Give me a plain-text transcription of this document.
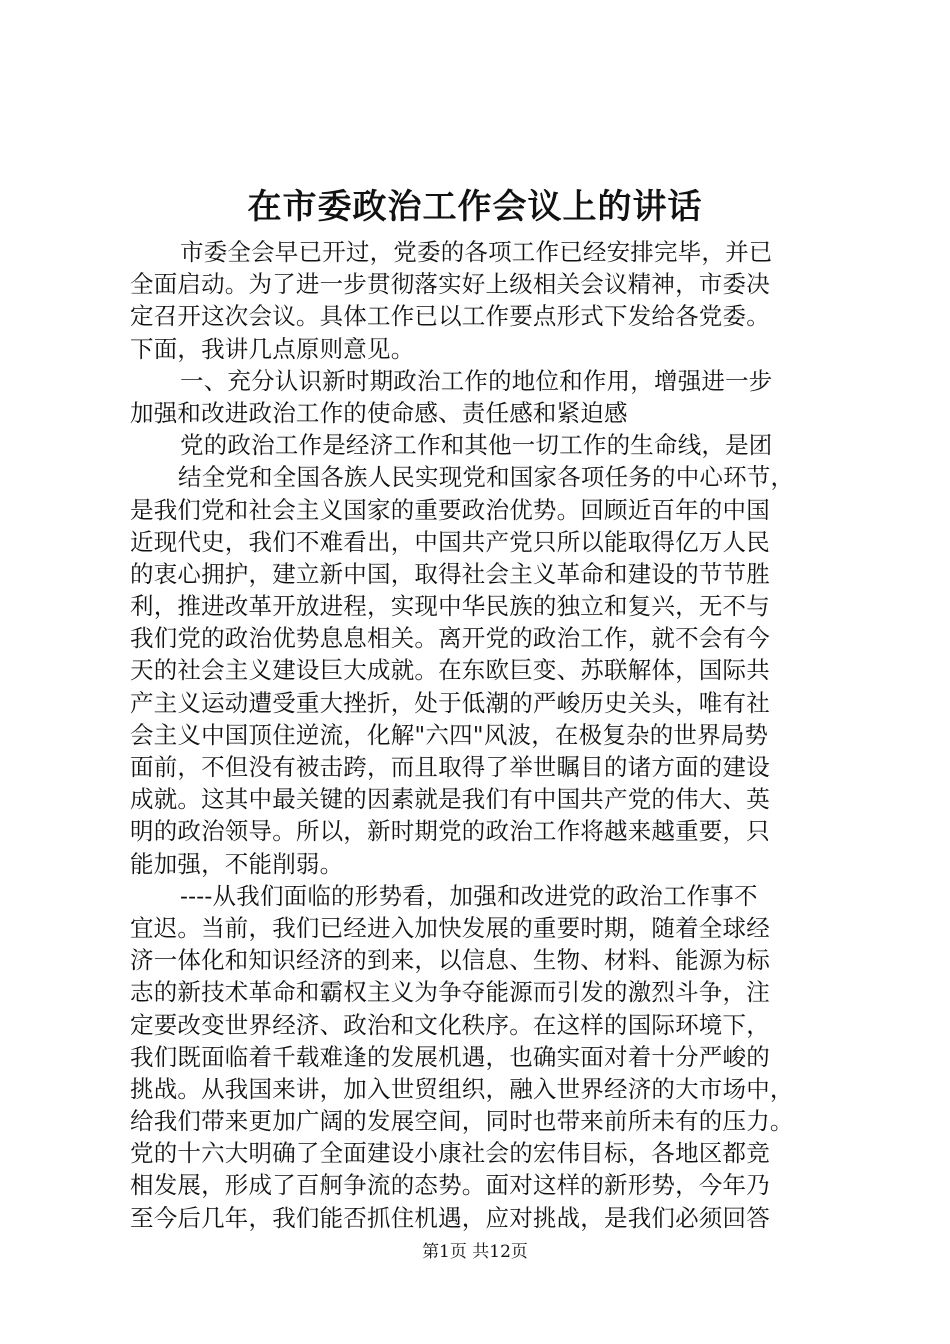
在市委政治工作会议上的讲话
市委全会早已开过，党委的各项工作已经安排完毕，并已
全面启动。为了进一步贯彻落实好上级相关会议精神，市委决
定召开这次会议。具体工作已以工作要点形式下发给各党委。
下面，我讲几点原则意见。
一、充分认识新时期政治工作的地位和作用，增强进一步
加强和改进政治工作的使命感、责任感和紧迫感
党的政治工作是经济工作和其他一切工作的生命线，是团
结全党和全国各族人民实现党和国家各项任务的中心环节，
是我们党和社会主义国家的重要政治优势。回顾近百年的中国
近现代史，我们不难看出，中国共产党只所以能取得亿万人民
的衷心拥护，建立新中国，取得社会主义革命和建设的节节胜
利，推进改革开放进程，实现中华民族的独立和复兴，无不与
我们党的政治优势息息相关。离开党的政治工作，就不会有今
天的社会主义建设巨大成就。在东欧巨变、苏联解体，国际共
产主义运动遭受重大挫折，处于低潮的严峻历史关头，唯有社
会主义中国顶住逆流，化解"六四"风波，在极复杂的世界局势
面前，不但没有被击跨，而且取得了举世瞩目的诸方面的建设
成就。这其中最关键的因素就是我们有中国共产党的伟大、英
明的政治领导。所以，新时期党的政治工作将越来越重要，只
能加强，不能削弱。
----从我们面临的形势看，加强和改进党的政治工作事不
宜迟。当前，我们已经进入加快发展的重要时期，随着全球经
济一体化和知识经济的到来，以信息、生物、材料、能源为标
志的新技术革命和霸权主义为争夺能源而引发的激烈斗争，注
定要改变世界经济、政治和文化秩序。在这样的国际环境下，
我们既面临着千载难逢的发展机遇，也确实面对着十分严峻的
挑战。从我国来讲，加入世贸组织，融入世界经济的大市场中，
给我们带来更加广阔的发展空间，同时也带来前所未有的压力。
党的十六大明确了全面建设小康社会的宏伟目标，各地区都竞
相发展，形成了百舸争流的态势。面对这样的新形势，今年乃
至今后几年，我们能否抓住机遇，应对挑战，是我们必须回答
第1页 共12页
